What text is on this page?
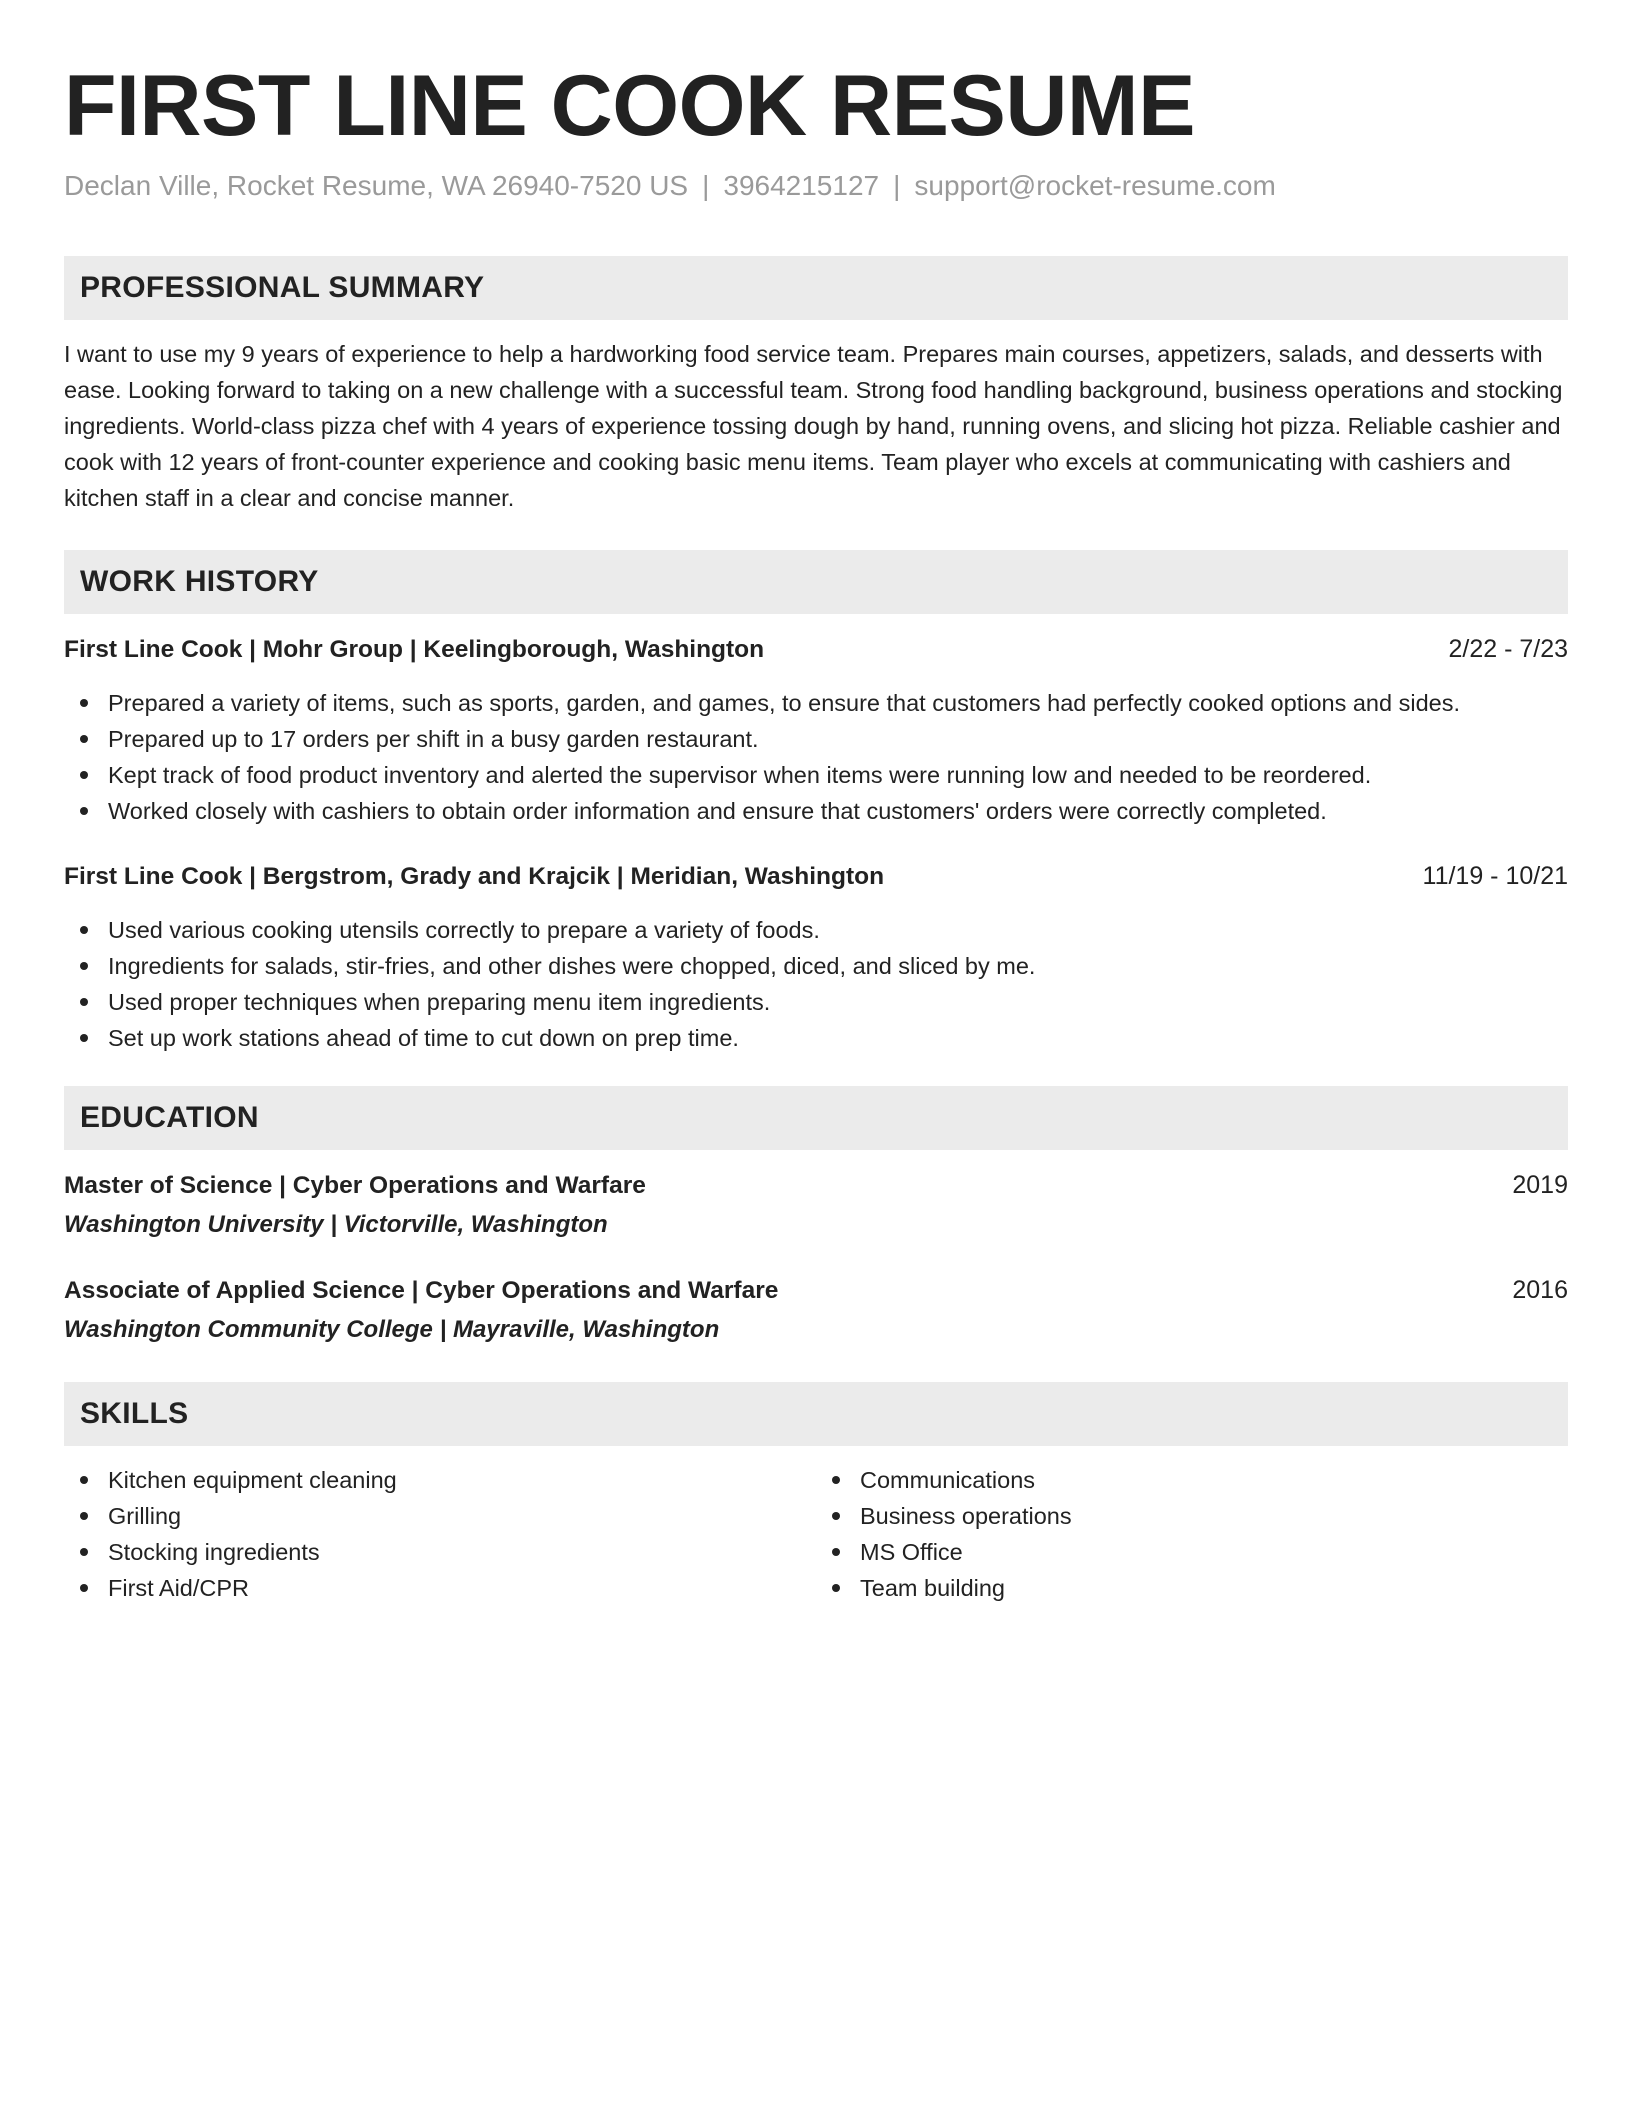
FIRST LINE COOK RESUME
Declan Ville, Rocket Resume, WA 26940-7520 US | 3964215127 | support@rocket-resume.com
PROFESSIONAL SUMMARY

I want to use my 9 years of experience to help a hardworking food service team. Prepares main courses, appetizers, salads, and desserts with ease. Looking forward to taking on a new challenge with a successful team. Strong food handling background, business operations and stocking ingredients. World-class pizza chef with 4 years of experience tossing dough by hand, running ovens, and slicing hot pizza. Reliable cashier and cook with 12 years of front-counter experience and cooking basic menu items. Team player who excels at communicating with cashiers and kitchen staff in a clear and concise manner.

WORK HISTORY
First Line Cook | Mohr Group | Keelingborough, Washington	2/22 - 7/23
Prepared a variety of items, such as sports, garden, and games, to ensure that customers had perfectly cooked options and sides.
Prepared up to 17 orders per shift in a busy garden restaurant.
Kept track of food product inventory and alerted the supervisor when items were running low and needed to be reordered.
Worked closely with cashiers to obtain order information and ensure that customers' orders were correctly completed.
First Line Cook | Bergstrom, Grady and Krajcik | Meridian, Washington	11/19 - 10/21
Used various cooking utensils correctly to prepare a variety of foods.
Ingredients for salads, stir-fries, and other dishes were chopped, diced, and sliced by me.
Used proper techniques when preparing menu item ingredients.
Set up work stations ahead of time to cut down on prep time.
EDUCATION
Master of Science | Cyber Operations and Warfare	2019
Washington University | Victorville, Washington
Associate of Applied Science | Cyber Operations and Warfare	2016
Washington Community College | Mayraville, Washington
SKILLS
Kitchen equipment cleaning
Grilling
Stocking ingredients
First Aid/CPR
Communications
Business operations
MS Office
Team building
